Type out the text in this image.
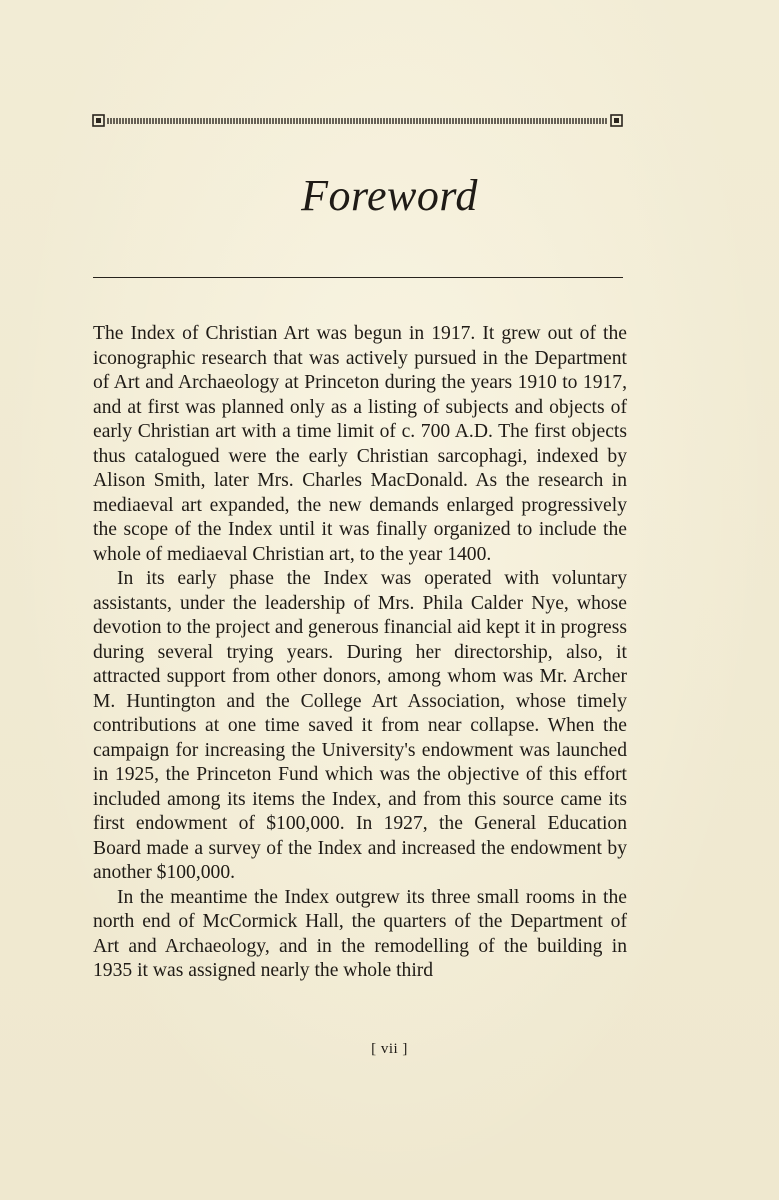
Foreword

The Index of Christian Art was begun in 1917. It grew out of the iconographic research that was actively pursued in the Department of Art and Archaeology at Princeton during the years 1910 to 1917, and at first was planned only as a listing of subjects and objects of early Christian art with a time limit of c. 700 A.D. The first objects thus catalogued were the early Christian sarcophagi, indexed by Alison Smith, later Mrs. Charles MacDonald. As the research in mediaeval art expanded, the new demands enlarged progressively the scope of the Index until it was finally organized to include the whole of mediaeval Christian art, to the year 1400.

In its early phase the Index was operated with voluntary assistants, under the leadership of Mrs. Phila Calder Nye, whose devotion to the project and generous financial aid kept it in progress during several trying years. During her directorship, also, it attracted support from other donors, among whom was Mr. Archer M. Huntington and the College Art Association, whose timely contributions at one time saved it from near collapse. When the campaign for increasing the University's endowment was launched in 1925, the Princeton Fund which was the objective of this effort included among its items the Index, and from this source came its first endowment of $100,000. In 1927, the General Education Board made a survey of the Index and increased the endowment by another $100,000.

In the meantime the Index outgrew its three small rooms in the north end of McCormick Hall, the quarters of the Department of Art and Archaeology, and in the remodelling of the building in 1935 it was assigned nearly the whole third

[ vii ]
